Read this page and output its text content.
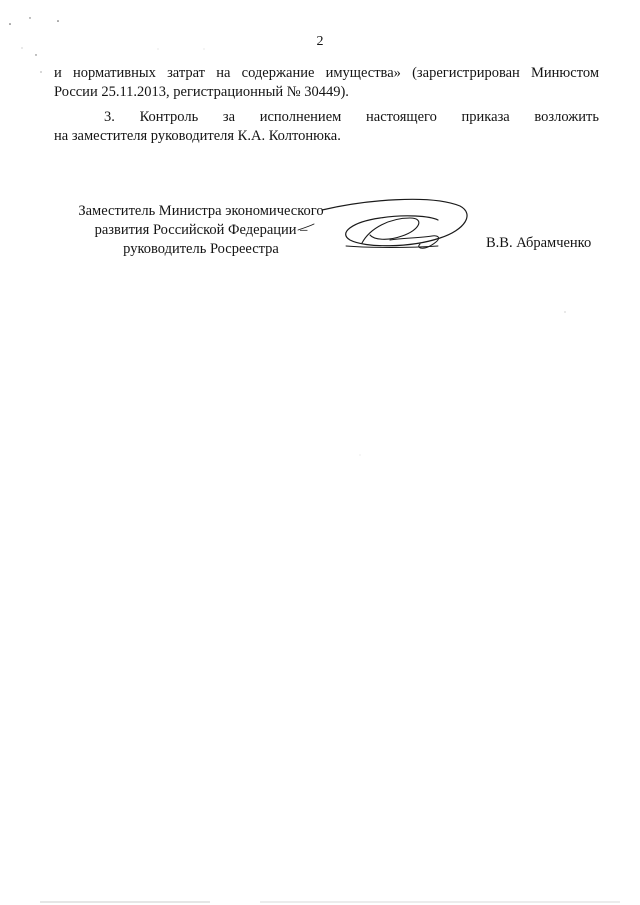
2
и нормативных затрат на содержание имущества» (зарегистрирован Минюстом
России 25.11.2013, регистрационный № 30449).
3. Контроль за исполнением настоящего приказа возложить
на заместителя руководителя К.А. Колтонюка.
Заместитель Министра экономического
развития Российской Федерации –
руководитель Росреестра	В.В. Абрамченко
